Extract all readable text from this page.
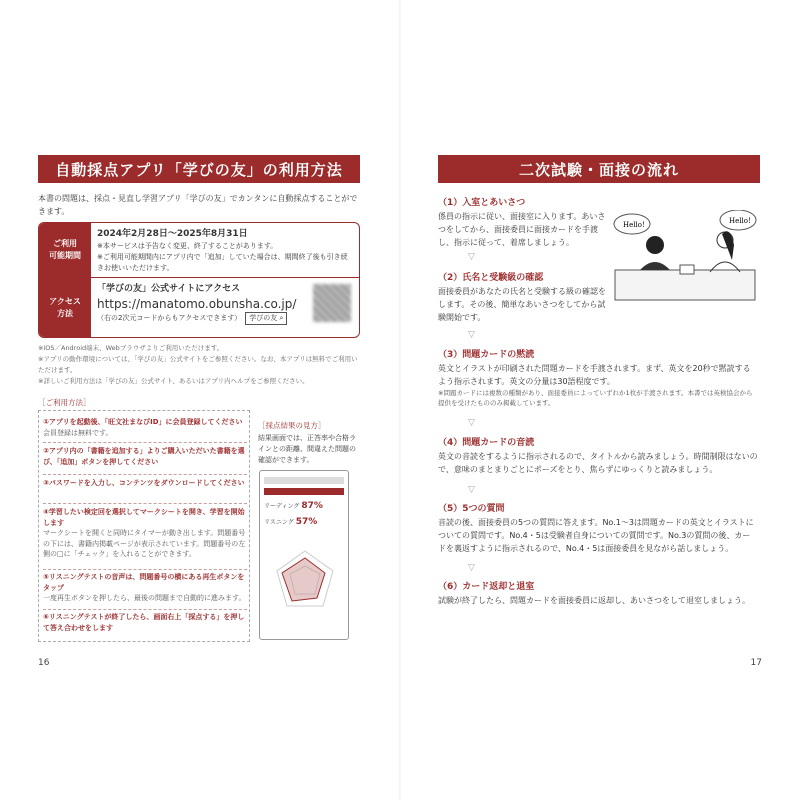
自動採点アプリ「学びの友」の利用方法
本書の問題は、採点・見直し学習アプリ「学びの友」でカンタンに自動採点することができます。
ご利用
可能期間
2024年2月28日～2025年8月31日
※本サービスは予告なく変更、終了することがあります。
※ご利用可能期間内にアプリ内で「追加」していた場合は、期間終了後も引き続きお使いいただけます。
アクセス
方法
「学びの友」公式サイトにアクセス
https://manatomo.obunsha.co.jp/
（右の2次元コードからもアクセスできます） 学びの友 ⌕
※iOS／Android端末、Webブラウザよりご利用いただけます。
※アプリの動作環境については、「学びの友」公式サイトをご参照ください。なお、本アプリは無料でご利用いただけます。
※詳しいご利用方法は「学びの友」公式サイト、あるいはアプリ内ヘルプをご参照ください。
［ご利用方法］
①アプリを起動後、「旺文社まなびID」に会員登録してください
会員登録は無料です。
②アプリ内の「書籍を追加する」よりご購入いただいた書籍を選び、「追加」ボタンを押してください
③パスワードを入力し、コンテンツをダウンロードしてください
④学習したい検定回を選択してマークシートを開き、学習を開始します
マークシートを開くと同時にタイマーが動き出します。問題番号の下には、書籍内掲載ページが表示されています。問題番号の左側の□に「チェック」を入れることができます。
⑤リスニングテストの音声は、問題番号の横にある再生ボタンをタップ
一度再生ボタンを押したら、最後の問題まで自動的に進みます。
⑥リスニングテストが終了したら、画面右上「採点する」を押して答え合わせをします
［採点結果の見方］
結果画面では、正答率や合格ラインとの距離、間違えた問題の確認ができます。
リーディング 87%
リスニング 57%
16
二次試験・面接の流れ
（1）入室とあいさつ
係員の指示に従い、面接室に入ります。あいさつをしてから、面接委員に面接カードを手渡し、指示に従って、着席しましょう。
▽
Hello!	Hello!
（2）氏名と受験級の確認
面接委員があなたの氏名と受験する級の確認をします。その後、簡単なあいさつをしてから試験開始です。
▽
（3）問題カードの黙読
英文とイラストが印刷された問題カードを手渡されます。まず、英文を20秒で黙読するよう指示されます。英文の分量は30語程度です。
※問題カードには複数の種類があり、面接委員によっていずれか1枚が手渡されます。本書では英検協会から提供を受けたもののみ掲載しています。
▽
（4）問題カードの音読
英文の音読をするように指示されるので、タイトルから読みましょう。時間制限はないので、意味のまとまりごとにポーズをとり、焦らずにゆっくりと読みましょう。
▽
（5）5つの質問
音読の後、面接委員の5つの質問に答えます。No.1～3は問題カードの英文とイラストについての質問です。No.4・5は受験者自身についての質問です。No.3の質問の後、カードを裏返すように指示されるので、No.4・5は面接委員を見ながら話しましょう。
▽
（6）カード返却と退室
試験が終了したら、問題カードを面接委員に返却し、あいさつをして退室しましょう。
17
